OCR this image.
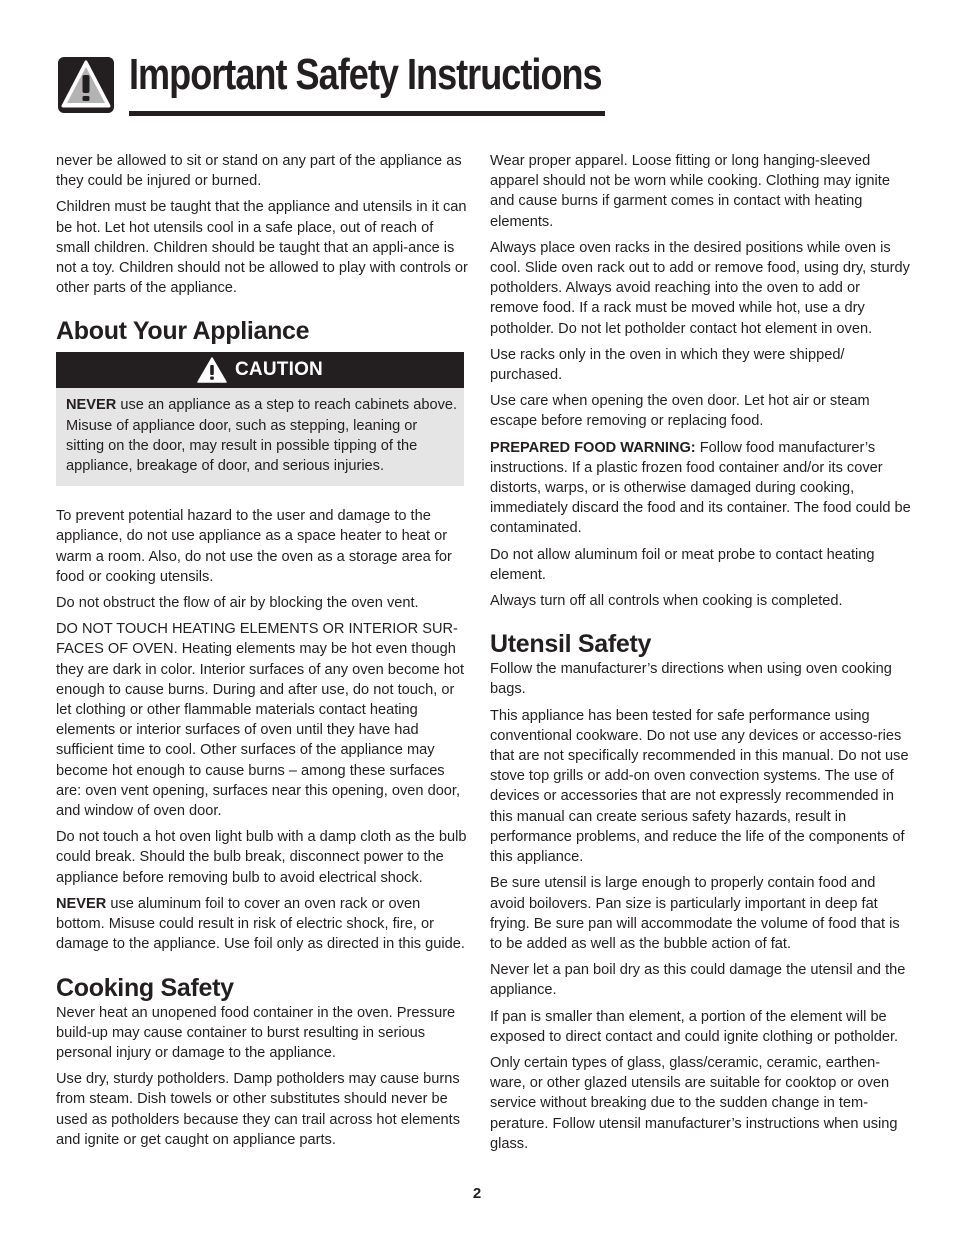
Important Safety Instructions

never be allowed to sit or stand on any part of the appliance as they could be injured or burned.

Children must be taught that the appliance and utensils in it can be hot. Let hot utensils cool in a safe place, out of reach of small children. Children should be taught that an appli-ance is not a toy. Children should not be allowed to play with controls or other parts of the appliance.

About Your Appliance
CAUTION
NEVER use an appliance as a step to reach cabinets above. Misuse of appliance door, such as stepping, leaning or sitting on the door, may result in possible tipping of the appliance, breakage of door, and serious injuries.

To prevent potential hazard to the user and damage to the appliance, do not use appliance as a space heater to heat or warm a room. Also, do not use the oven as a storage area for food or cooking utensils.

Do not obstruct the flow of air by blocking the oven vent.

DO NOT TOUCH HEATING ELEMENTS OR INTERIOR SUR-FACES OF OVEN. Heating elements may be hot even though they are dark in color. Interior surfaces of any oven become hot enough to cause burns. During and after use, do not touch, or let clothing or other flammable materials contact heating elements or interior surfaces of oven until they have had sufficient time to cool. Other surfaces of the appliance may become hot enough to cause burns – among these surfaces are: oven vent opening, surfaces near this opening, oven door, and window of oven door.

Do not touch a hot oven light bulb with a damp cloth as the bulb could break. Should the bulb break, disconnect power to the appliance before removing bulb to avoid electrical shock.

NEVER use aluminum foil to cover an oven rack or oven bottom. Misuse could result in risk of electric shock, fire, or damage to the appliance. Use foil only as directed in this guide.

Cooking Safety

Never heat an unopened food container in the oven. Pressure build-up may cause container to burst resulting in serious personal injury or damage to the appliance.

Use dry, sturdy potholders. Damp potholders may cause burns from steam. Dish towels or other substitutes should never be used as potholders because they can trail across hot elements and ignite or get caught on appliance parts.

Wear proper apparel. Loose fitting or long hanging-sleeved apparel should not be worn while cooking. Clothing may ignite and cause burns if garment comes in contact with heating elements.

Always place oven racks in the desired positions while oven is cool. Slide oven rack out to add or remove food, using dry, sturdy potholders. Always avoid reaching into the oven to add or remove food. If a rack must be moved while hot, use a dry potholder. Do not let potholder contact hot element in oven.

Use racks only in the oven in which they were shipped/ purchased.

Use care when opening the oven door. Let hot air or steam escape before removing or replacing food.

PREPARED FOOD WARNING: Follow food manufacturer’s instructions. If a plastic frozen food container and/or its cover distorts, warps, or is otherwise damaged during cooking, immediately discard the food and its container. The food could be contaminated.

Do not allow aluminum foil or meat probe to contact heating element.

Always turn off all controls when cooking is completed.

Utensil Safety

Follow the manufacturer’s directions when using oven cooking bags.

This appliance has been tested for safe performance using conventional cookware. Do not use any devices or accesso-ries that are not specifically recommended in this manual. Do not use stove top grills or add-on oven convection systems. The use of devices or accessories that are not expressly recommended in this manual can create serious safety hazards, result in performance problems, and reduce the life of the components of this appliance.

Be sure utensil is large enough to properly contain food and avoid boilovers. Pan size is particularly important in deep fat frying. Be sure pan will accommodate the volume of food that is to be added as well as the bubble action of fat.

Never let a pan boil dry as this could damage the utensil and the appliance.

If pan is smaller than element, a portion of the element will be exposed to direct contact and could ignite clothing or potholder.

Only certain types of glass, glass/ceramic, ceramic, earthen-ware, or other glazed utensils are suitable for cooktop or oven service without breaking due to the sudden change in tem-perature. Follow utensil manufacturer’s instructions when using glass.

2
